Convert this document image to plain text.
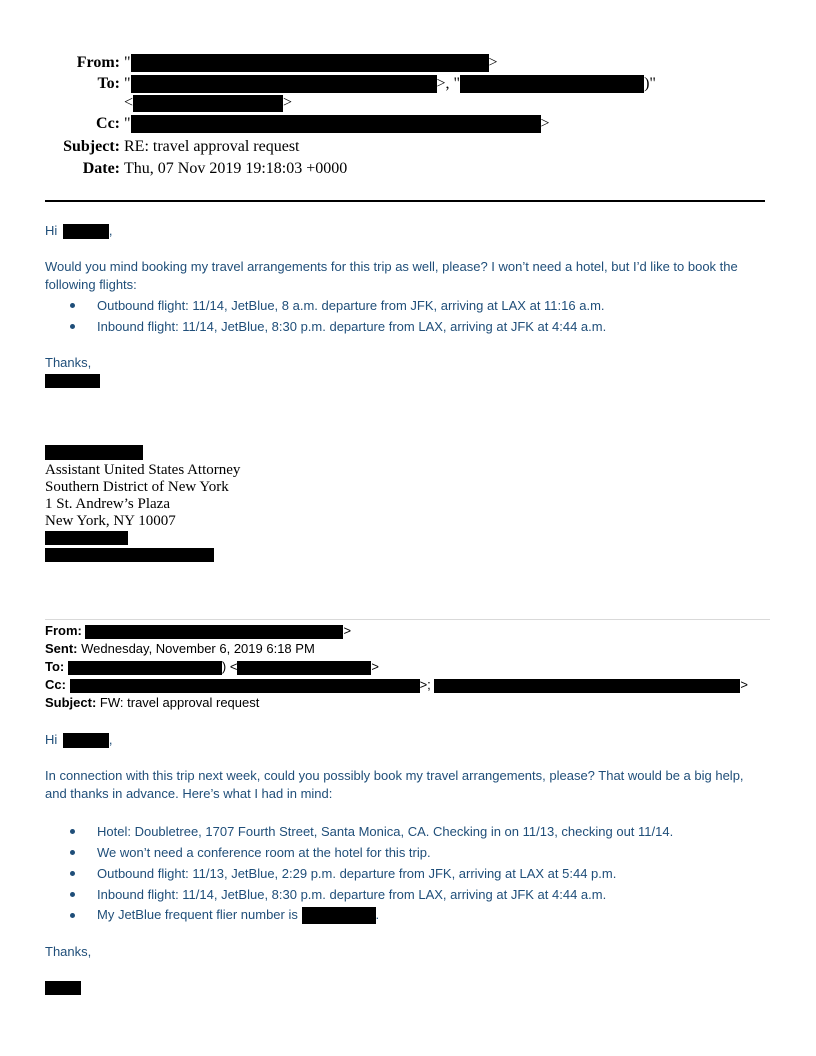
From: "	>
To: "	>, "	)"
<	>
Cc: "	>
Subject: RE: travel approval request
Date: Thu, 07 Nov 2019 19:18:03 +0000
Hi	,
Would you mind booking my travel arrangements for this trip as well, please? I won’t need a hotel, but I’d like to book the
following flights:
Outbound flight: 11/14, JetBlue, 8 a.m. departure from JFK, arriving at LAX at 11:16 a.m.
Inbound flight: 11/14, JetBlue, 8:30 p.m. departure from LAX, arriving at JFK at 4:44 a.m.
Thanks,
Assistant United States Attorney
Southern District of New York
1 St. Andrew’s Plaza
New York, NY 10007
From:	>
Sent: Wednesday, November 6, 2019 6:18 PM
To:	) <	>
Cc:	>;	>
Subject: FW: travel approval request
Hi	,
In connection with this trip next week, could you possibly book my travel arrangements, please? That would be a big help,
and thanks in advance. Here’s what I had in mind:
Hotel: Doubletree, 1707 Fourth Street, Santa Monica, CA. Checking in on 11/13, checking out 11/14.
We won’t need a conference room at the hotel for this trip.
Outbound flight: 11/13, JetBlue, 2:29 p.m. departure from JFK, arriving at LAX at 5:44 p.m.
Inbound flight: 11/14, JetBlue, 8:30 p.m. departure from LAX, arriving at JFK at 4:44 a.m.
My JetBlue frequent flier number is	.
Thanks,
